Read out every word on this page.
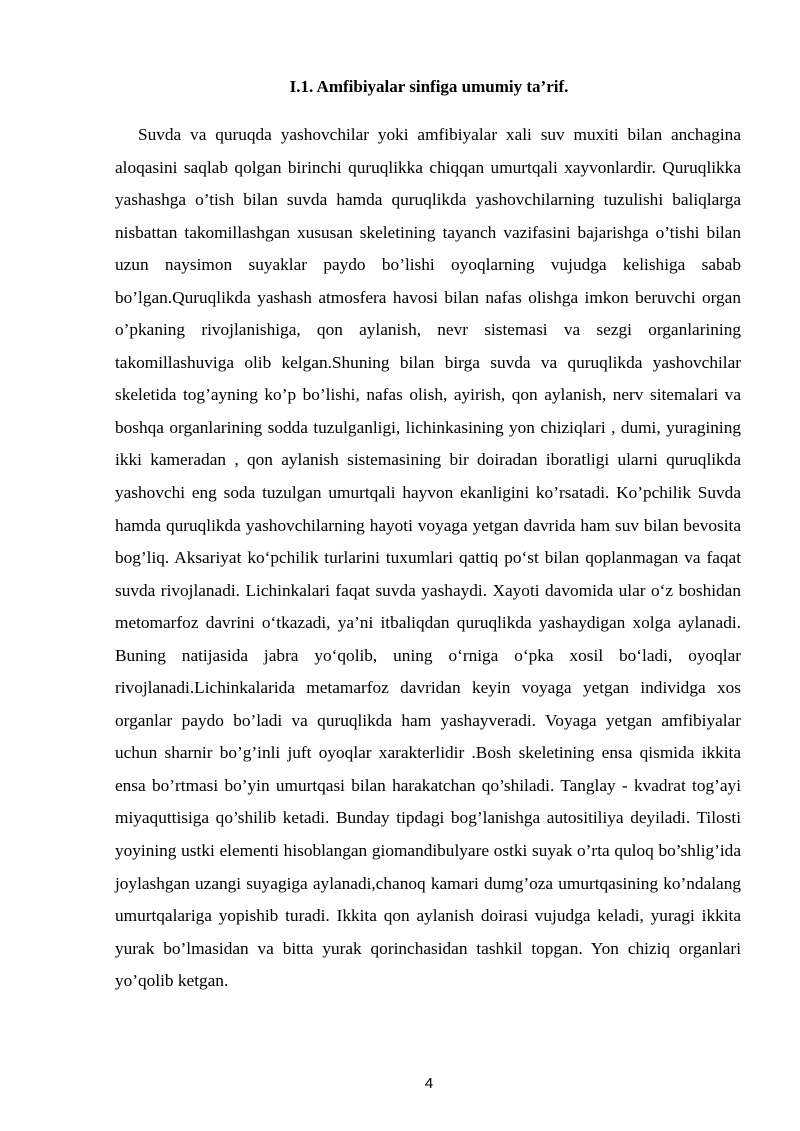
I.1. Amfibiyalar sinfiga umumiy ta’rif.

Suvda va quruqda yashovchilar yoki amfibiyalar xali suv muxiti bilan anchagina aloqasini saqlab qolgan birinchi quruqlikka chiqqan umurtqali xayvonlardir. Quruqlikka yashashga o’tish bilan suvda hamda quruqlikda yashovchilarning tuzulishi baliqlarga nisbattan takomillashgan xususan skeletining tayanch vazifasini bajarishga o’tishi bilan uzun naysimon suyaklar paydo bo’lishi oyoqlarning vujudga kelishiga sabab bo’lgan.Quruqlikda yashash atmosfera havosi bilan nafas olishga imkon beruvchi organ o’pkaning rivojlanishiga, qon aylanish, nevr sistemasi va sezgi organlarining takomillashuviga olib kelgan.Shuning bilan birga suvda va quruqlikda yashovchilar skeletida tog’ayning ko’p bo’lishi, nafas olish, ayirish, qon aylanish, nerv sitemalari va boshqa organlarining sodda tuzulganligi, lichinkasining yon chiziqlari , dumi, yuragining ikki kameradan , qon aylanish sistemasining bir doiradan iboratligi ularni quruqlikda yashovchi eng soda tuzulgan umurtqali hayvon ekanligini ko’rsatadi. Ko’pchilik Suvda hamda quruqlikda yashovchilarning hayoti voyaga yetgan davrida ham suv bilan bevosita bog’liq. Aksariyat ko‘pchilik turlarini tuxumlari qattiq po‘st bilan qoplanmagan va faqat suvda rivojlanadi. Lichinkalari faqat suvda yashaydi. Xayoti davomida ular o‘z boshidan metomarfoz davrini o‘tkazadi, ya’ni itbaliqdan quruqlikda yashaydigan xolga aylanadi. Buning natijasida jabra yo‘qolib, uning o‘rniga o‘pka xosil bo‘ladi, oyoqlar rivojlanadi.Lichinkalarida metamarfoz davridan keyin voyaga yetgan individga xos organlar paydo bo’ladi va quruqlikda ham yashayveradi. Voyaga yetgan amfibiyalar uchun sharnir bo’g’inli juft oyoqlar xarakterlidir .Bosh skeletining ensa qismida ikkita ensa bo’rtmasi bo’yin umurtqasi bilan harakatchan qo’shiladi. Tanglay - kvadrat tog’ayi miyaquttisiga qo’shilib ketadi. Bunday tipdagi bog’lanishga autositiliya deyiladi. Tilosti yoyining ustki elementi hisoblangan giomandibulyare ostki suyak o’rta quloq bo’shlig’ida joylashgan uzangi suyagiga aylanadi,chanoq kamari dumg’oza umurtqasining ko’ndalang umurtqalariga yopishib turadi. Ikkita qon aylanish doirasi vujudga keladi, yuragi ikkita yurak bo’lmasidan va bitta yurak qorinchasidan tashkil topgan. Yon chiziq organlari yo’qolib ketgan.

4
